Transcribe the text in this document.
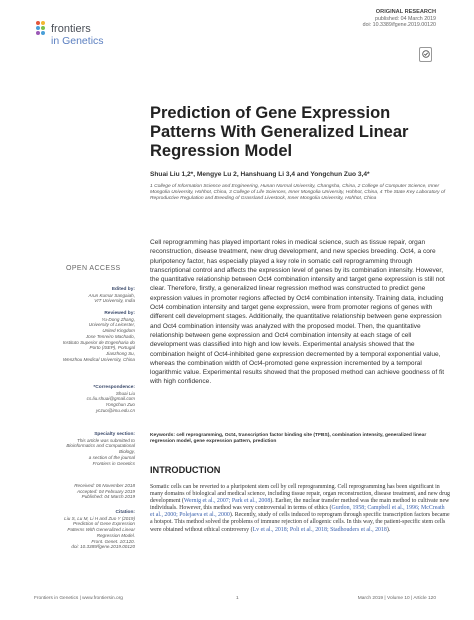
frontiers
in Genetics
ORIGINAL RESEARCH
published: 04 March 2019
doi: 10.3389/fgene.2019.00120
Prediction of Gene Expression Patterns With Generalized Linear Regression Model
Shuai Liu 1,2*, Mengye Lu 2, Hanshuang Li 3,4 and Yongchun Zuo 3,4*
1 College of Information Science and Engineering, Hunan Normal University, Changsha, China, 2 College of Computer Science, Inner Mongolia University, Hohhot, China, 3 College of Life Sciences, Inner Mongolia University, Hohhot, China, 4 The State Key Laboratory of Reproductive Regulation and Breeding of Grassland Livestock, Inner Mongolia University, Hohhot, China
Cell reprogramming has played important roles in medical science, such as tissue repair, organ reconstruction, disease treatment, new drug development, and new species breeding. Oct4, a core pluripotency factor, has especially played a key role in somatic cell reprogramming through transcriptional control and affects the expression level of genes by its combination intensity. However, the quantitative relationship between Oct4 combination intensity and target gene expression is still not clear. Therefore, firstly, a generalized linear regression method was constructed to predict gene expression values in promoter regions affected by Oct4 combination intensity. Training data, including Oct4 combination intensity and target gene expression, were from promoter regions of genes with different cell development stages. Additionally, the quantitative relationship between gene expression and Oct4 combination intensity was analyzed with the proposed model. Then, the quantitative relationship between gene expression and Oct4 combination intensity at each stage of cell development was classified into high and low levels. Experimental analysis showed that the combination height of Oct4-inhibited gene expression decremented by a temporal exponential value, whereas the combination width of Oct4-promoted gene expression incremented by a temporal logarithmic value. Experimental results showed that the proposed method can achieve goodness of fit with high confidence.
Keywords: cell reprogramming, Oct4, transcription factor binding site (TFBS), combination intensity, generalized linear regression model, gene expression pattern, prediction
INTRODUCTION
Somatic cells can be reverted to a pluripotent stem cell by cell reprogramming. Cell reprogramming has been significant in many domains of biological and medical science, including tissue repair, organ reconstruction, disease treatment, and new drug development (Wernig et al., 2007; Park et al., 2008). Earlier, the nuclear transfer method was the main method to cultivate new individuals. However, this method was very controversial in terms of ethics (Gurdon, 1958; Campbell et al., 1996; McCreath et al., 2000; Polejaeva et al., 2000). Recently, study of cells induced to reprogram through specific transcription factors became a hotspot. This method solved the problems of immune rejection of allogenic cells. In this way, the patient-specific stem cells were obtained without ethical controversy (Lv et al., 2018; Poli et al., 2018; Stadhouders et al., 2018).
OPEN ACCESS
Edited by:
Arun Kumar Sangaiah,
VIT University, India
Reviewed by:
Yu-Dong Zhang,
University of Leicester,
United Kingdom
Jose Tenreiro Machado,
Instituto Superior de Engenharia do
Porto (ISEP), Portugal
Jianzhong Su,
Wenzhou Medical University, China
*Correspondence:
Shuai Liu
cs.liu.shuai@gmail.com
Yongchun Zuo
yczuo@imu.edu.cn
Specialty section:
This article was submitted to
Bioinformatics and Computational
Biology,
a section of the journal
Frontiers in Genetics
Received: 06 November 2018
Accepted: 04 February 2019
Published: 04 March 2019
Citation:
Liu S, Lu M, Li H and Zuo Y (2019)
Prediction of Gene Expression
Patterns With Generalized Linear
Regression Model.
Front. Genet. 10:120.
doi: 10.3389/fgene.2019.00120
Frontiers in Genetics | www.frontiersin.org	1	March 2019 | Volume 10 | Article 120
